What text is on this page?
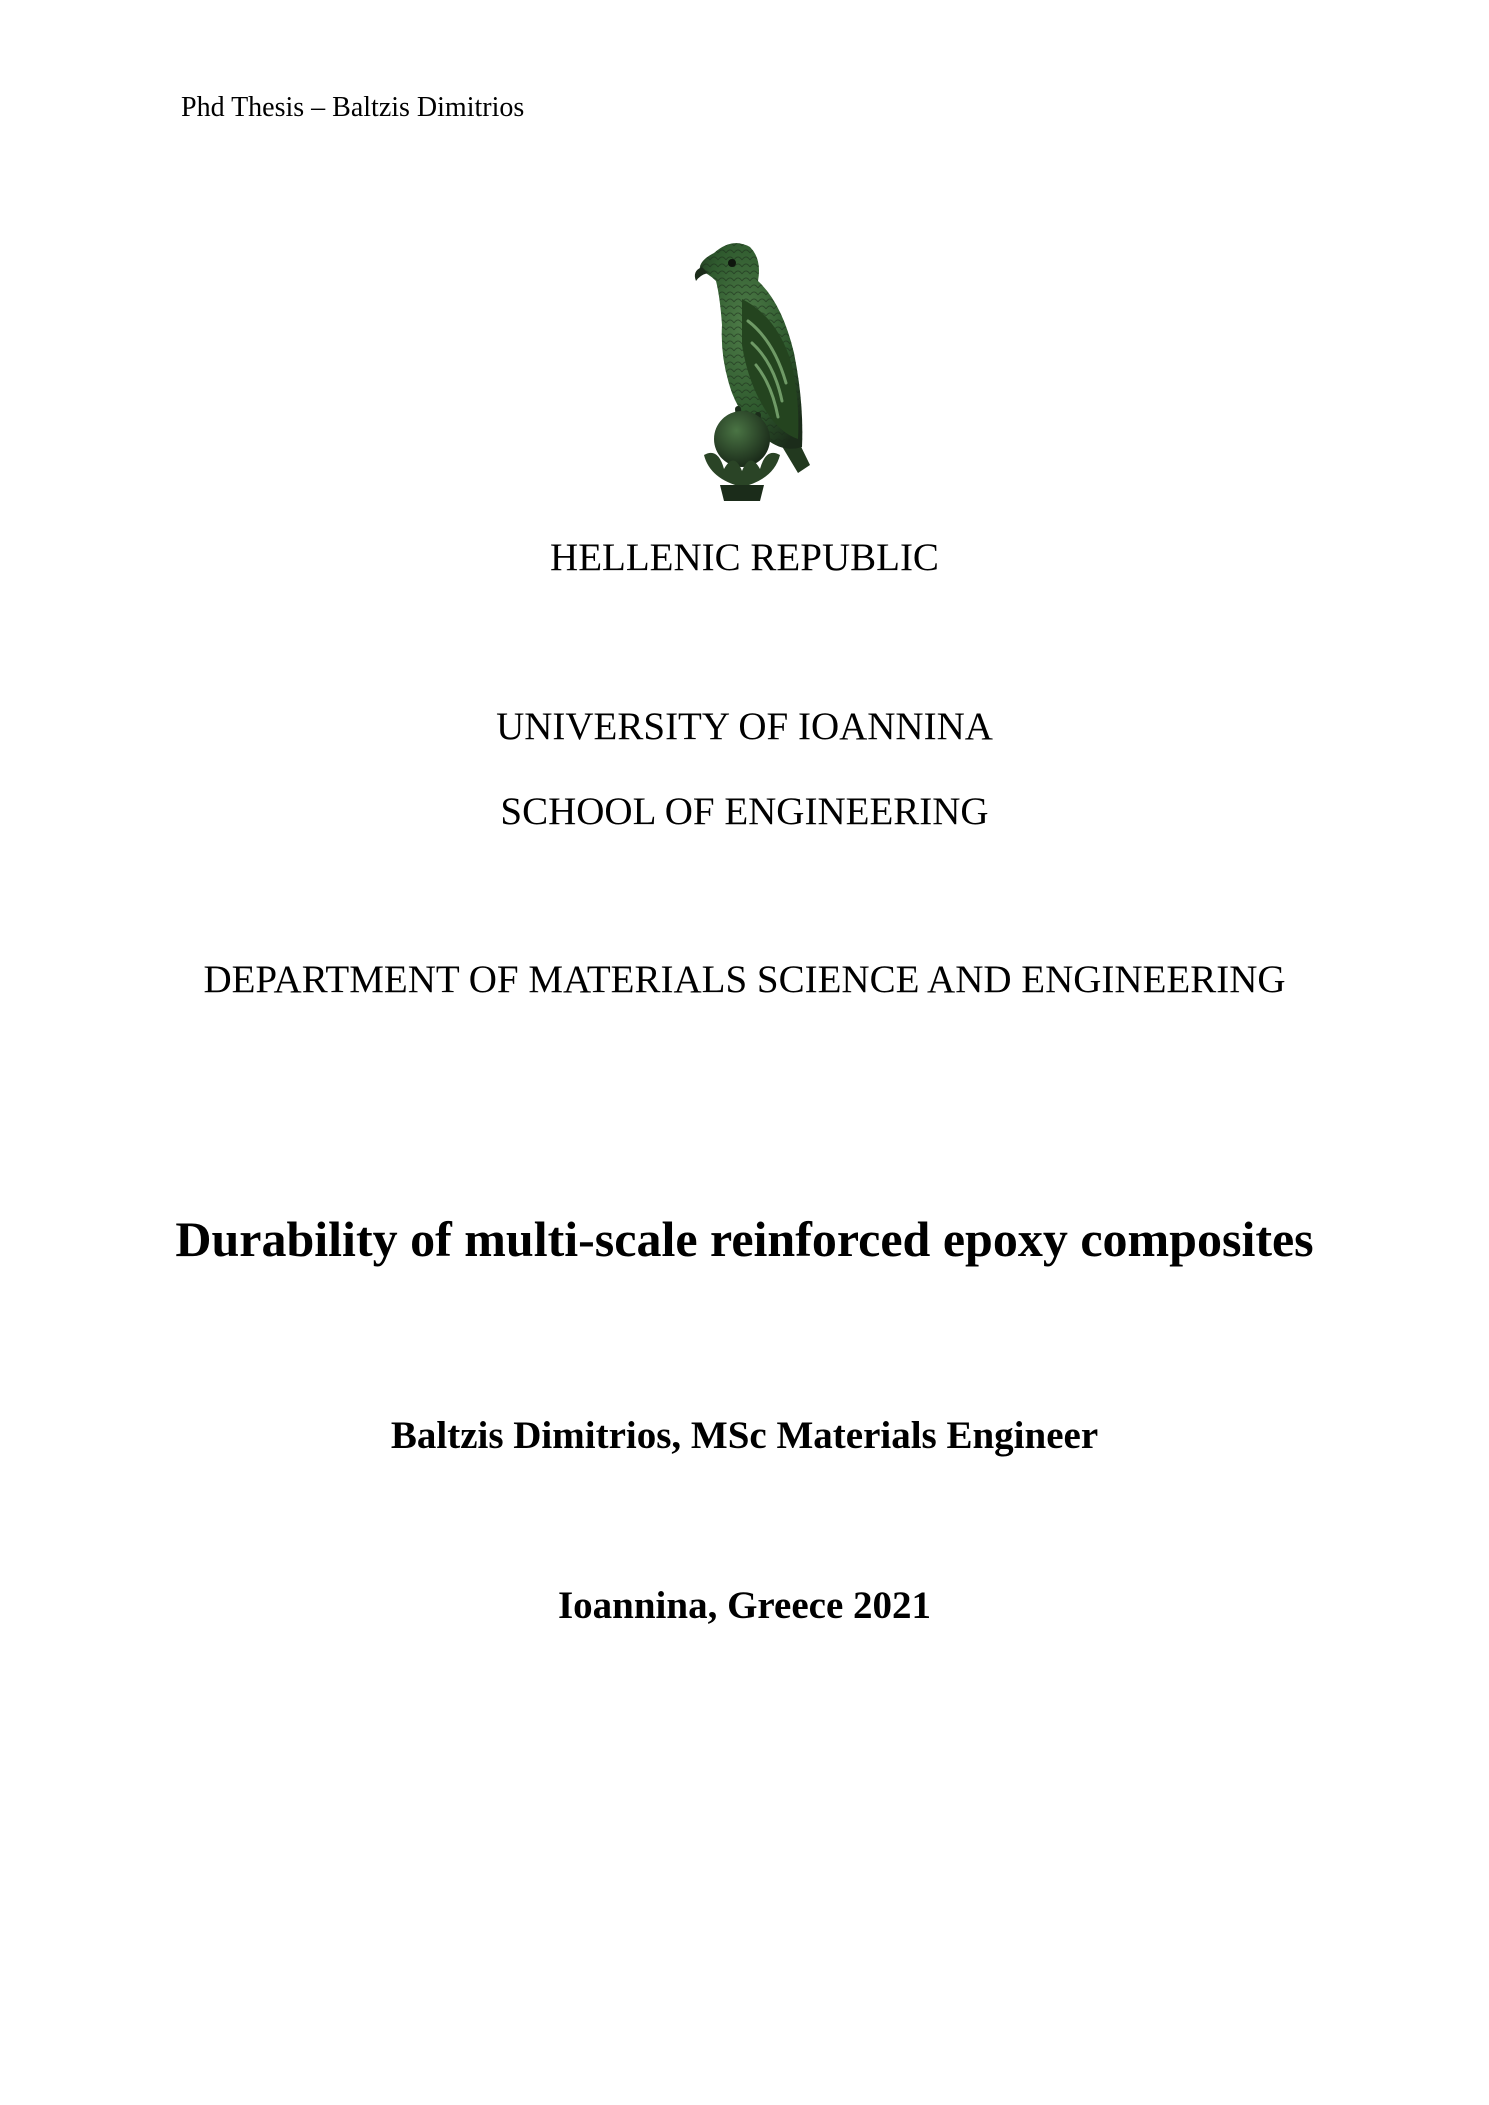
Phd Thesis – Baltzis Dimitrios
HELLENIC REPUBLIC
UNIVERSITY OF IOANNINA
SCHOOL OF ENGINEERING
DEPARTMENT OF MATERIALS SCIENCE AND ENGINEERING
Durability of multi-scale reinforced epoxy composites
Baltzis Dimitrios, MSc Materials Engineer
Ioannina, Greece 2021
